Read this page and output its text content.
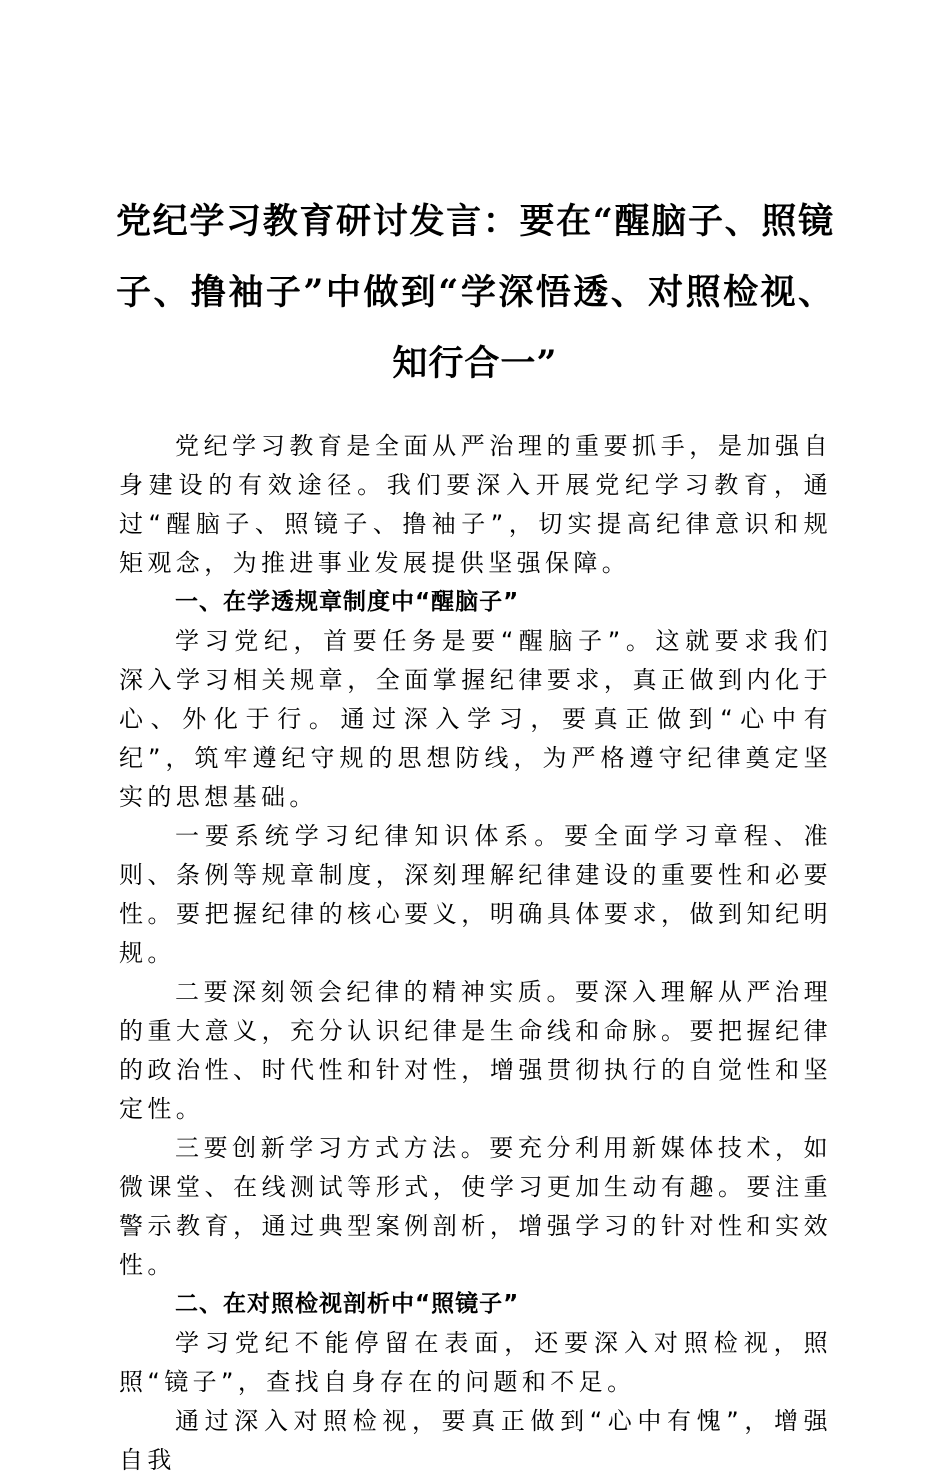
党纪学习教育研讨发言：要在“醒脑子、照镜子、撸袖子”中做到“学深悟透、对照检视、知行合一”

党纪学习教育是全面从严治理的重要抓手，是加强自身建设的有效途径。我们要深入开展党纪学习教育，通过“醒脑子、照镜子、撸袖子”，切实提高纪律意识和规矩观念，为推进事业发展提供坚强保障。

一、在学透规章制度中“醒脑子”

学习党纪，首要任务是要“醒脑子”。这就要求我们深入学习相关规章，全面掌握纪律要求，真正做到内化于心、外化于行。通过深入学习，要真正做到“心中有纪”，筑牢遵纪守规的思想防线，为严格遵守纪律奠定坚实的思想基础。

一要系统学习纪律知识体系。要全面学习章程、准则、条例等规章制度，深刻理解纪律建设的重要性和必要性。要把握纪律的核心要义，明确具体要求，做到知纪明规。

二要深刻领会纪律的精神实质。要深入理解从严治理的重大意义，充分认识纪律是生命线和命脉。要把握纪律的政治性、时代性和针对性，增强贯彻执行的自觉性和坚定性。

三要创新学习方式方法。要充分利用新媒体技术，如微课堂、在线测试等形式，使学习更加生动有趣。要注重警示教育，通过典型案例剖析，增强学习的针对性和实效性。

二、在对照检视剖析中“照镜子”

学习党纪不能停留在表面，还要深入对照检视，照照“镜子”，查找自身存在的问题和不足。

通过深入对照检视，要真正做到“心中有愧”，增强自我
